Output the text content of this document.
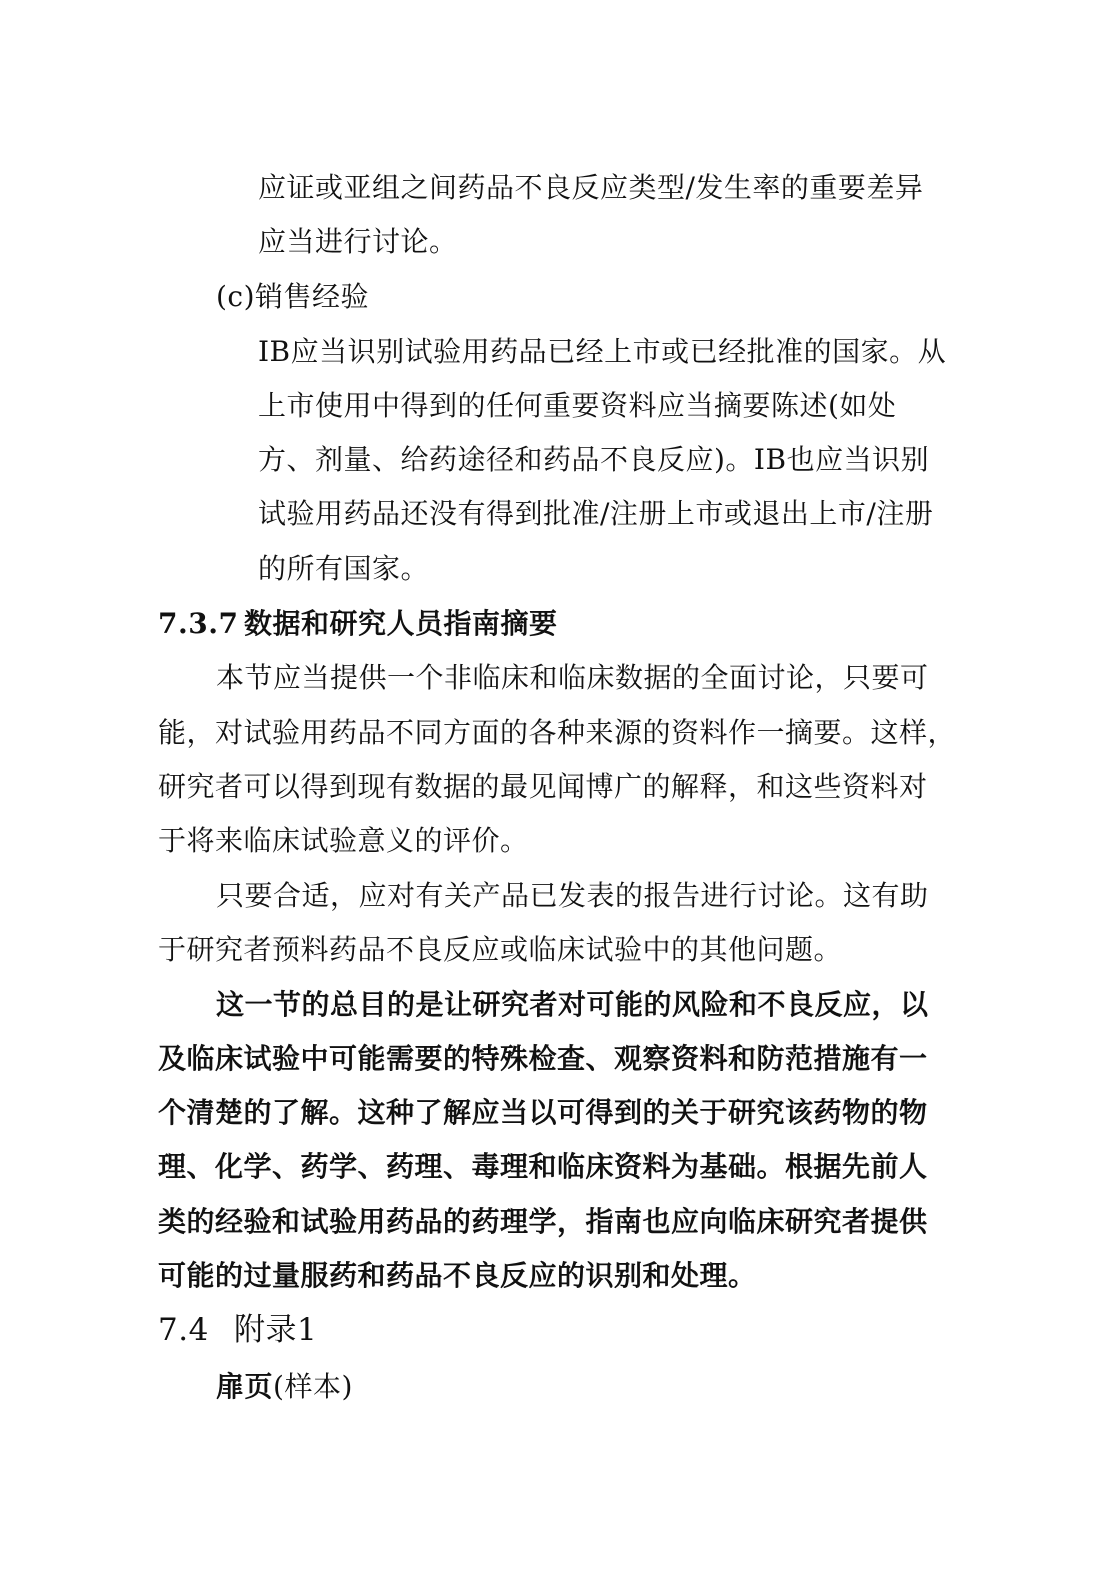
应证或亚组之间药品不良反应类型/发生率的重要差异

应当进行讨论。

(c)销售经验

IB应当识别试验用药品已经上市或已经批准的国家。从

上市使用中得到的任何重要资料应当摘要陈述(如处

方、剂量、给药途径和药品不良反应)。IB也应当识别

试验用药品还没有得到批准/注册上市或退出上市/注册

的所有国家。

7.3.7 数据和研究人员指南摘要

本节应当提供一个非临床和临床数据的全面讨论，只要可

能，对试验用药品不同方面的各种来源的资料作一摘要。这样，

研究者可以得到现有数据的最见闻博广的解释，和这些资料对

于将来临床试验意义的评价。

只要合适，应对有关产品已发表的报告进行讨论。这有助

于研究者预料药品不良反应或临床试验中的其他问题。

这一节的总目的是让研究者对可能的风险和不良反应，以

及临床试验中可能需要的特殊检查、观察资料和防范措施有一

个清楚的了解。这种了解应当以可得到的关于研究该药物的物

理、化学、药学、药理、毒理和临床资料为基础。根据先前人

类的经验和试验用药品的药理学，指南也应向临床研究者提供

可能的过量服药和药品不良反应的识别和处理。

7.4 附录1

扉页(样本)
